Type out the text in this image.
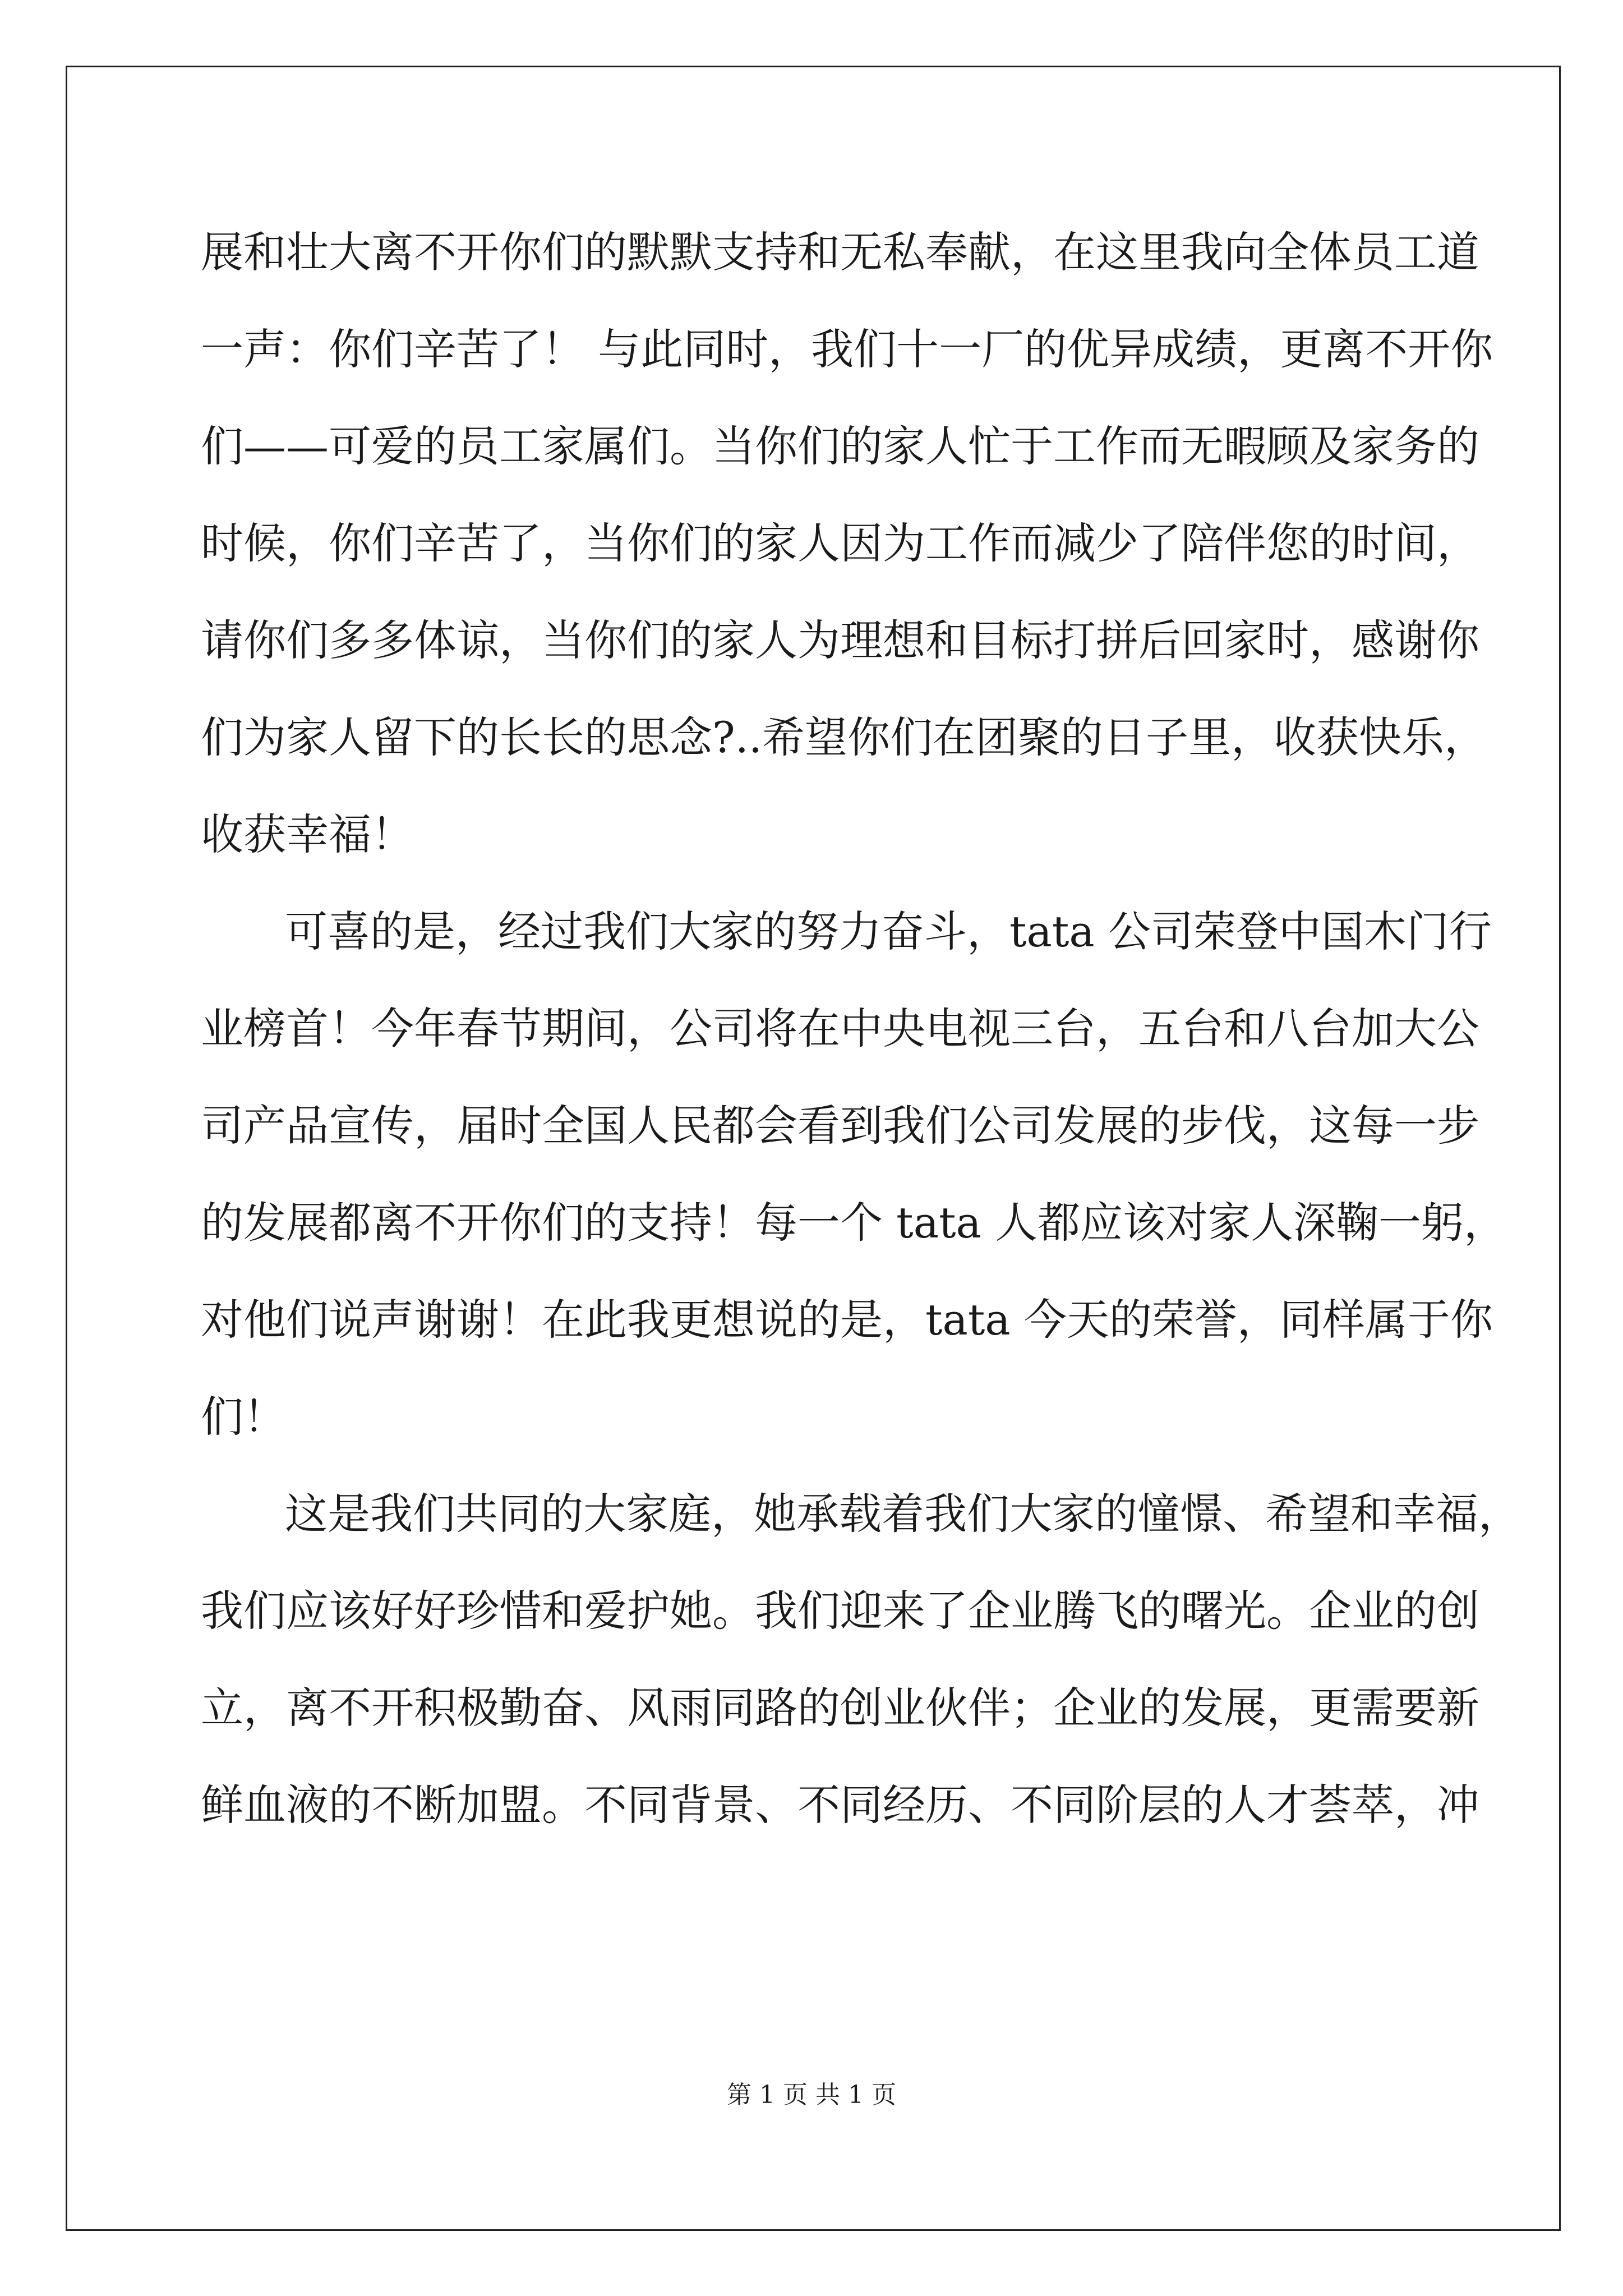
展和壮大离不开你们的默默支持和无私奉献，在这里我向全体员工道
一声：你们辛苦了！ 与此同时，我们十一厂的优异成绩，更离不开你
们——可爱的员工家属们。当你们的家人忙于工作而无暇顾及家务的
时候，你们辛苦了，当你们的家人因为工作而减少了陪伴您的时间，
请你们多多体谅，当你们的家人为理想和目标打拼后回家时，感谢你
们为家人留下的长长的思念?..希望你们在团聚的日子里，收获快乐，
收获幸福！
可喜的是，经过我们大家的努力奋斗，tata 公司荣登中国木门行
业榜首！今年春节期间，公司将在中央电视三台，五台和八台加大公
司产品宣传，届时全国人民都会看到我们公司发展的步伐，这每一步
的发展都离不开你们的支持！每一个 tata 人都应该对家人深鞠一躬，
对他们说声谢谢！在此我更想说的是，tata 今天的荣誉，同样属于你
们！
这是我们共同的大家庭，她承载着我们大家的憧憬、希望和幸福，
我们应该好好珍惜和爱护她。我们迎来了企业腾飞的曙光。企业的创
立，离不开积极勤奋、风雨同路的创业伙伴；企业的发展，更需要新
鲜血液的不断加盟。不同背景、不同经历、不同阶层的人才荟萃，冲
第 1 页 共 1 页
